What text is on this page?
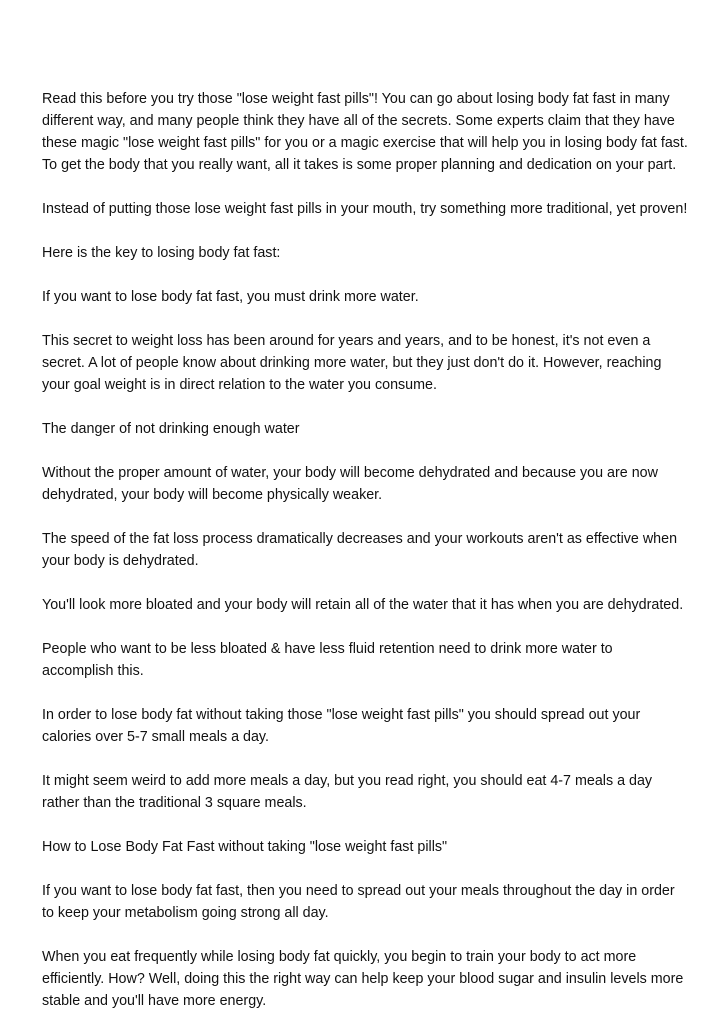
Read this before you try those "lose weight fast pills"! You can go about losing body fat fast in many different way, and many people think they have all of the secrets. Some experts claim that they have these magic "lose weight fast pills" for you or a magic exercise that will help you in losing body fat fast. To get the body that you really want, all it takes is some proper planning and dedication on your part.

Instead of putting those lose weight fast pills in your mouth, try something more traditional, yet proven!

Here is the key to losing body fat fast:

If you want to lose body fat fast, you must drink more water.

This secret to weight loss has been around for years and years, and to be honest, it's not even a secret. A lot of people know about drinking more water, but they just don't do it. However, reaching your goal weight is in direct relation to the water you consume.

The danger of not drinking enough water

Without the proper amount of water, your body will become dehydrated and because you are now dehydrated, your body will become physically weaker.

The speed of the fat loss process dramatically decreases and your workouts aren't as effective when your body is dehydrated.

You'll look more bloated and your body will retain all of the water that it has when you are dehydrated.

People who want to be less bloated & have less fluid retention need to drink more water to accomplish this.

In order to lose body fat without taking those "lose weight fast pills" you should spread out your calories over 5-7 small meals a day.

It might seem weird to add more meals a day, but you read right, you should eat 4-7 meals a day rather than the traditional 3 square meals.

How to Lose Body Fat Fast without taking "lose weight fast pills"

If you want to lose body fat fast, then you need to spread out your meals throughout the day in order to keep your metabolism going strong all day.

When you eat frequently while losing body fat quickly, you begin to train your body to act more efficiently. How? Well, doing this the right way can help keep your blood sugar and insulin levels more stable and you'll have more energy.
